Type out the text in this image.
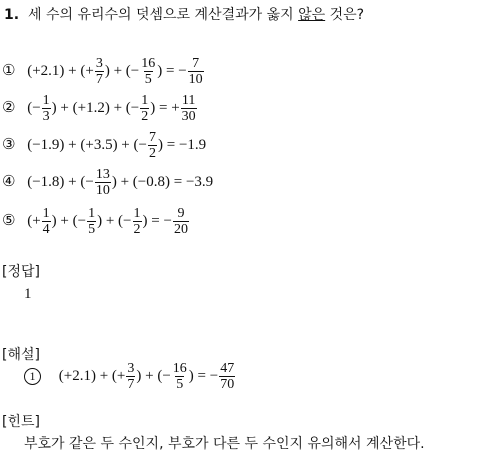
1. 세 수의 유리수의 덧셈으로 계산결과가 옳지 않은 것은?
① (+2.1) + (+ $\frac{3}{7}$ ) + (− $\frac{16}{5}$ ) = − $\frac{7}{10}$
② (− $\frac{1}{3}$ ) + (+1.2) + (− $\frac{1}{2}$ ) = + $\frac{11}{30}$
③ (−1.9) + (+3.5) + (− $\frac{7}{2}$ ) = −1.9
④ (−1.8) + (− $\frac{13}{10}$ ) + (−0.8) = −3.9
⑤ (+ $\frac{1}{4}$ ) + (− $\frac{1}{5}$ ) + (− $\frac{1}{2}$ ) = − $\frac{9}{20}$
[정답]
1
[해설]
1 (+2.1) + (+ $\frac{3}{7}$ ) + (− $\frac{16}{5}$ ) = − $\frac{47}{70}$
[힌트]
부호가 같은 두 수인지, 부호가 다른 두 수인지 유의해서 계산한다.
